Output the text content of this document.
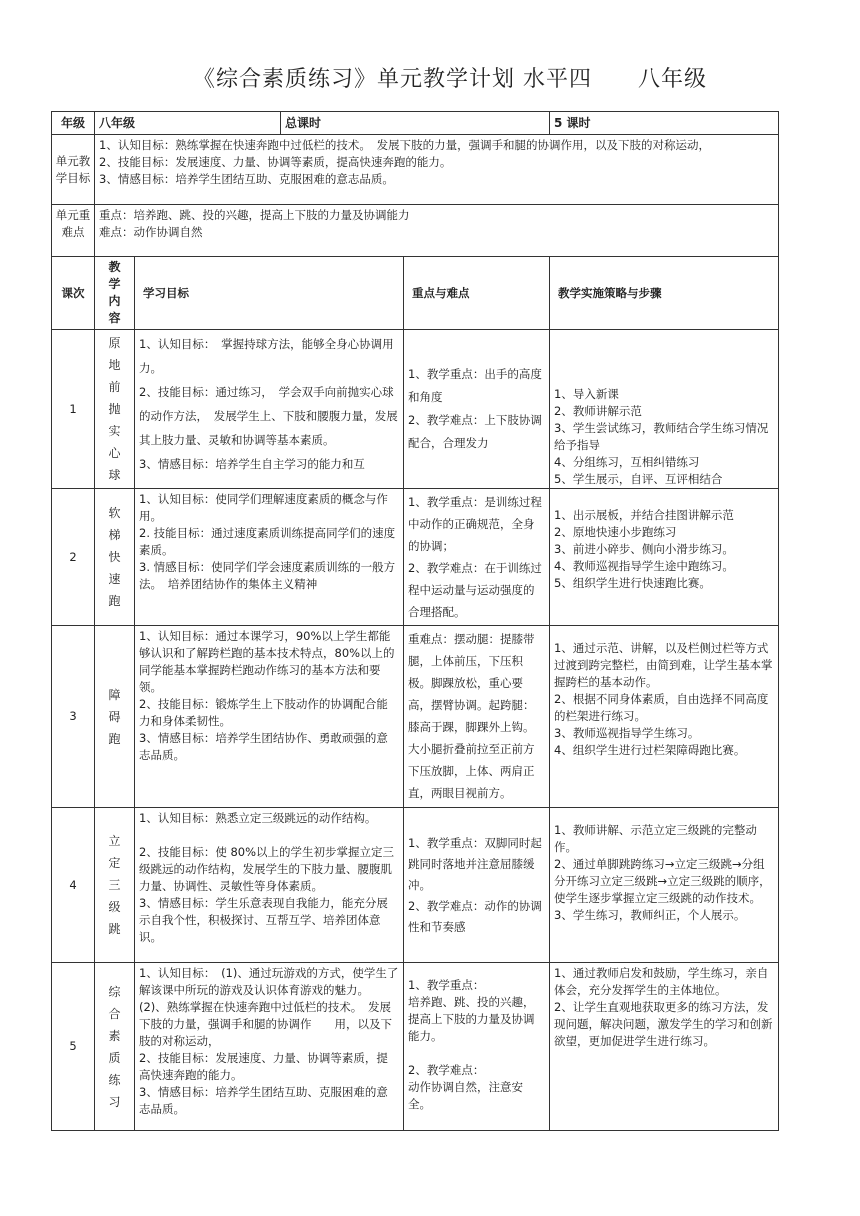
《综合素质练习》单元教学计划 水平四　　八年级
年级	八年级		总课时		5 课时
单元教学目标	1、认知目标：熟练掌握在快速奔跑中过低栏的技术。　发展下肢的力量，强调手和腿的协调作用，以及下肢的对称运动，
2、技能目标：发展速度、力量、协调等素质，提高快速奔跑的能力。
3、情感目标：培养学生团结互助、克服困难的意志品质。				

单元重难点	重点：培养跑、跳、投的兴趣，提高上下肢的力量及协调能力
难点：动作协调自然				

课次	教学内容	学习目标		重点与难点	教学实施策略与步骤
1	原地前抛实心球	1、认知目标：　掌握持球方法，能够全身心协调用力。
2、技能目标：通过练习，　学会双手向前抛实心球的动作方法，　发展学生上、下肢和腰腹力量，发展其上肢力量、灵敏和协调等基本素质。
3、情感目标：培养学生自主学习的能力和互		1、教学重点：出手的高度和角度
2、教学难点：上下肢协调配合，合理发力	1、导入新课
2、教师讲解示范
3、学生尝试练习，教师结合学生练习情况给予指导
4、分组练习，互相纠错练习
5、学生展示，自评、互评相结合

2	软梯快速跑	1、认知目标：使同学们理解速度素质的概念与作用。
2. 技能目标：通过速度素质训练提高同学们的速度素质。
3. 情感目标：使同学们学会速度素质训练的一般方法。　培养团结协作的集体主义精神		1、教学重点：是训练过程中动作的正确规范，全身的协调；
2、教学难点：在于训练过程中运动量与运动强度的合理搭配。	1、出示展板，并结合挂图讲解示范
2、原地快速小步跑练习
3、前进小碎步、侧向小滑步练习。
4、教师巡视指导学生途中跑练习。
5、组织学生进行快速跑比赛。

3	障碍跑	1、认知目标：通过本课学习，90%以上学生都能够认识和了解跨栏跑的基本技术特点，80%以上的同学能基本掌握跨栏跑动作练习的基本方法和要领。
2、技能目标：锻炼学生上下肢动作的协调配合能力和身体柔韧性。
3、情感目标：培养学生团结协作、勇敢顽强的意志品质。		重难点：摆动腿：提膝带腿，上体前压，下压积极。脚踝放松，重心要高，摆臂协调。起跨腿：膝高于踝，脚踝外上钩。大小腿折叠前拉至正前方下压放脚，上体、两肩正直，两眼目视前方。	1、通过示范、讲解，以及栏侧过栏等方式过渡到跨完整栏，由简到难，让学生基本掌握跨栏的基本动作。
2、根据不同身体素质，自由选择不同高度的栏架进行练习。
3、教师巡视指导学生练习。
4、组织学生进行过栏架障碍跑比赛。

4	立定三级跳	1、认知目标：熟悉立定三级跳远的动作结构。

2、技能目标：使 80%以上的学生初步掌握立定三级跳远的动作结构，发展学生的下肢力量、腰腹肌力量、协调性、灵敏性等身体素质。
3、情感目标：学生乐意表现自我能力，能充分展示自我个性，积极探讨、互帮互学、培养团体意识。		1、教学重点：双脚同时起跳同时落地并注意屈膝缓冲。
2、教学难点：动作的协调性和节奏感	1、教师讲解、示范立定三级跳的完整动作。
2、通过单脚跳跨练习→立定三级跳→分组分开练习立定三级跳→立定三级跳的顺序，使学生逐步掌握立定三级跳的动作技术。
3、学生练习，教师纠正，个人展示。

5	综合素质练习	1、认知目标：　(1)、通过玩游戏的方式，使学生了解该课中所玩的游戏及认识体育游戏的魅力。　　　　　(2)、熟练掌握在快速奔跑中过低栏的技术。　发展下肢的力量，强调手和腿的协调作　　用，以及下肢的对称运动，
2、技能目标：发展速度、力量、协调等素质，提高快速奔跑的能力。
3、情感目标：培养学生团结互助、克服困难的意志品质。		1、教学重点：
培养跑、跳、投的兴趣，提高上下肢的力量及协调能力。

2、教学难点：
动作协调自然，注意安全。	1、通过教师启发和鼓励，学生练习，亲自体会，充分发挥学生的主体地位。
2、让学生直观地获取更多的练习方法，发现问题，解决问题，激发学生的学习和创新欲望，更加促进学生进行练习。
